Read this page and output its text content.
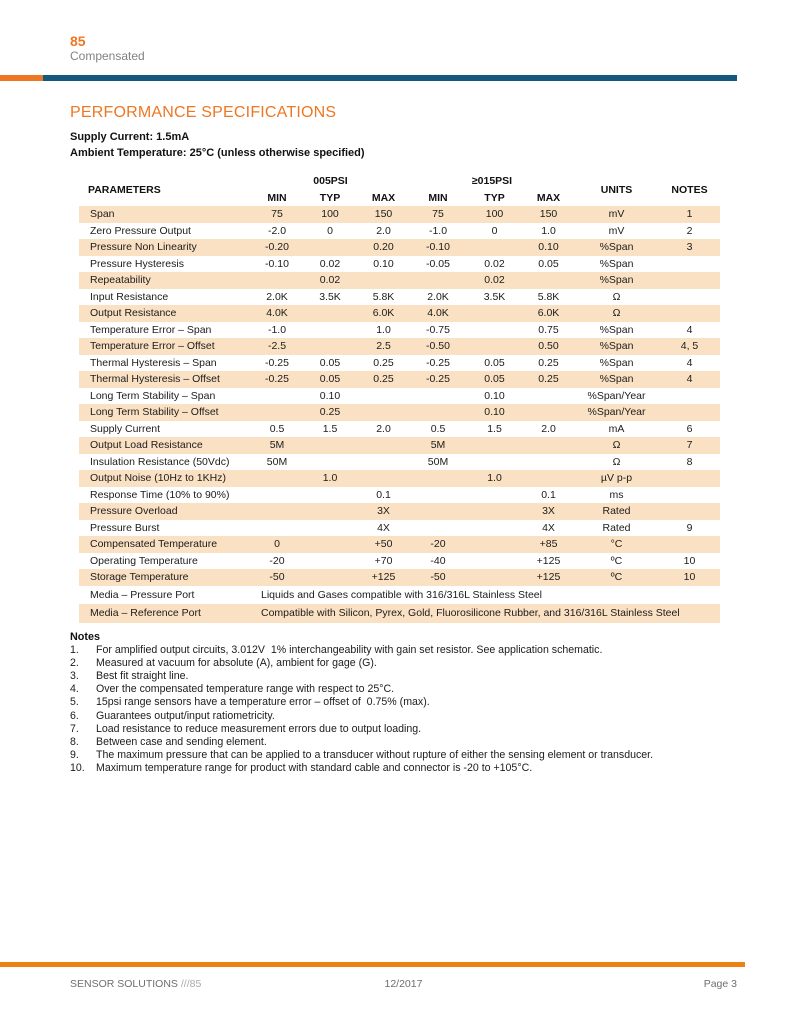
85
Compensated
PERFORMANCE SPECIFICATIONS
Supply Current: 1.5mA
Ambient Temperature: 25°C (unless otherwise specified)
PARAMETERS	005PSI			≥015PSI			UNITS	NOTES
	MIN	TYP	MAX	MIN	TYP	MAX		
Span	75	100	150	75	100	150	mV	1
Zero Pressure Output	-2.0	0	2.0	-1.0	0	1.0	mV	2
Pressure Non Linearity	-0.20		0.20	-0.10		0.10	%Span	3
Pressure Hysteresis	-0.10	0.02	0.10	-0.05	0.02	0.05	%Span	
Repeatability		0.02			0.02		%Span	
Input Resistance	2.0K	3.5K	5.8K	2.0K	3.5K	5.8K	Ω	
Output Resistance	4.0K		6.0K	4.0K		6.0K	Ω	
Temperature Error – Span	-1.0		1.0	-0.75		0.75	%Span	4
Temperature Error – Offset	-2.5		2.5	-0.50		0.50	%Span	4, 5
Thermal Hysteresis – Span	-0.25	0.05	0.25	-0.25	0.05	0.25	%Span	4
Thermal Hysteresis – Offset	-0.25	0.05	0.25	-0.25	0.05	0.25	%Span	4
Long Term Stability – Span		0.10			0.10		%Span/Year	
Long Term Stability – Offset		0.25			0.10		%Span/Year	
Supply Current	0.5	1.5	2.0	0.5	1.5	2.0	mA	6
Output Load Resistance	5M			5M			Ω	7
Insulation Resistance (50Vdc)	50M			50M			Ω	8
Output Noise (10Hz to 1KHz)		1.0			1.0		µV p-p	
Response Time (10% to 90%)			0.1			0.1	ms	
Pressure Overload			3X			3X	Rated	
Pressure Burst			4X			4X	Rated	9
Compensated Temperature	0		+50	-20		+85	°C	
Operating Temperature	-20		+70	-40		+125	ºC	10
Storage Temperature	-50		+125	-50		+125	ºC	10
Media – Pressure Port	Liquids and Gases compatible with 316/316L Stainless Steel							

Media – Reference Port	Compatible with Silicon, Pyrex, Gold, Fluorosilicone Rubber, and 316/316L Stainless Steel							
Notes
1.	For amplified output circuits, 3.012V  1% interchangeability with gain set resistor. See application schematic.
2.	Measured at vacuum for absolute (A), ambient for gage (G).
3.	Best fit straight line.
4.	Over the compensated temperature range with respect to 25°C.
5.	15psi range sensors have a temperature error – offset of  0.75% (max).
6.	Guarantees output/input ratiometricity.
7.	Load resistance to reduce measurement errors due to output loading.
8.	Between case and sending element.
9.	The maximum pressure that can be applied to a transducer without rupture of either the sensing element or transducer.
10.	Maximum temperature range for product with standard cable and connector is -20 to +105°C.
SENSOR SOLUTIONS ///85	12/2017	Page 3
